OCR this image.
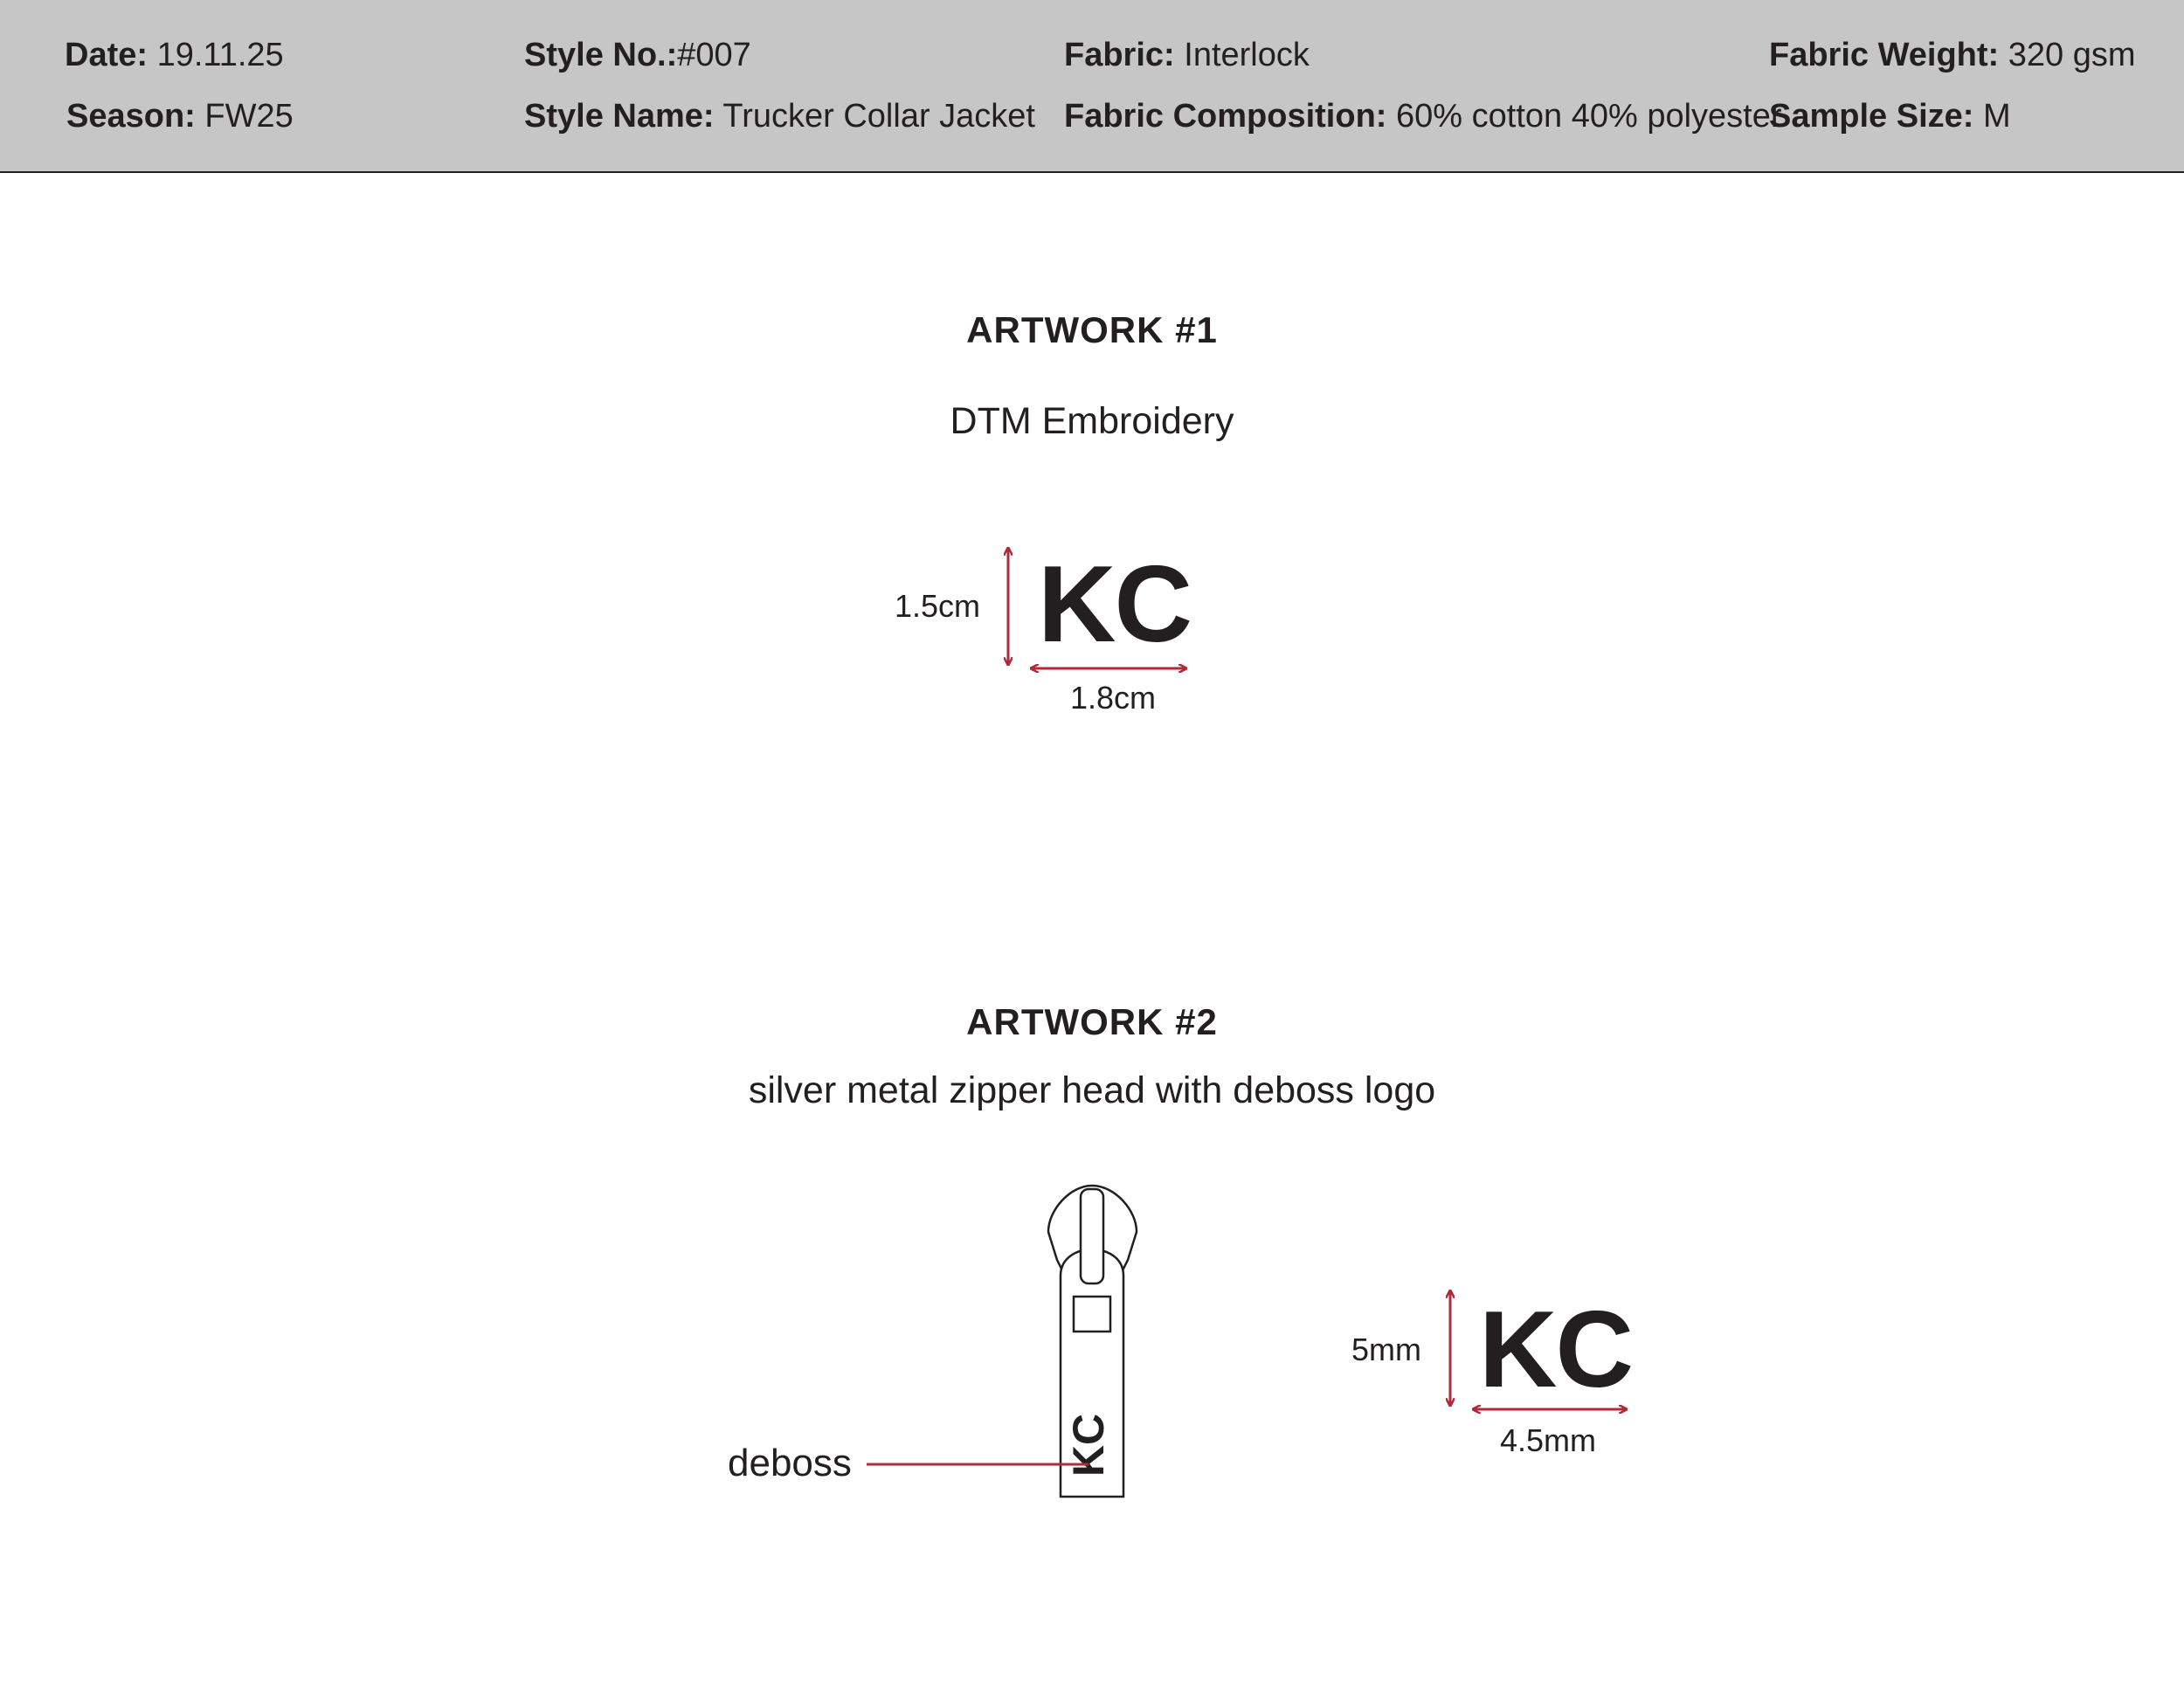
Date: 19.11.25
Season: FW25
Style No.:#007
Style Name: Trucker Collar Jacket
Fabric: Interlock
Fabric Composition: 60% cotton 40% polyester
Fabric Weight: 320 gsm
Sample Size: M
ARTWORK #1
DTM Embroidery
KC
1.5cm
1.8cm
ARTWORK #2
silver metal zipper head with deboss logo
deboss
KC
5mm
4.5mm
KC
